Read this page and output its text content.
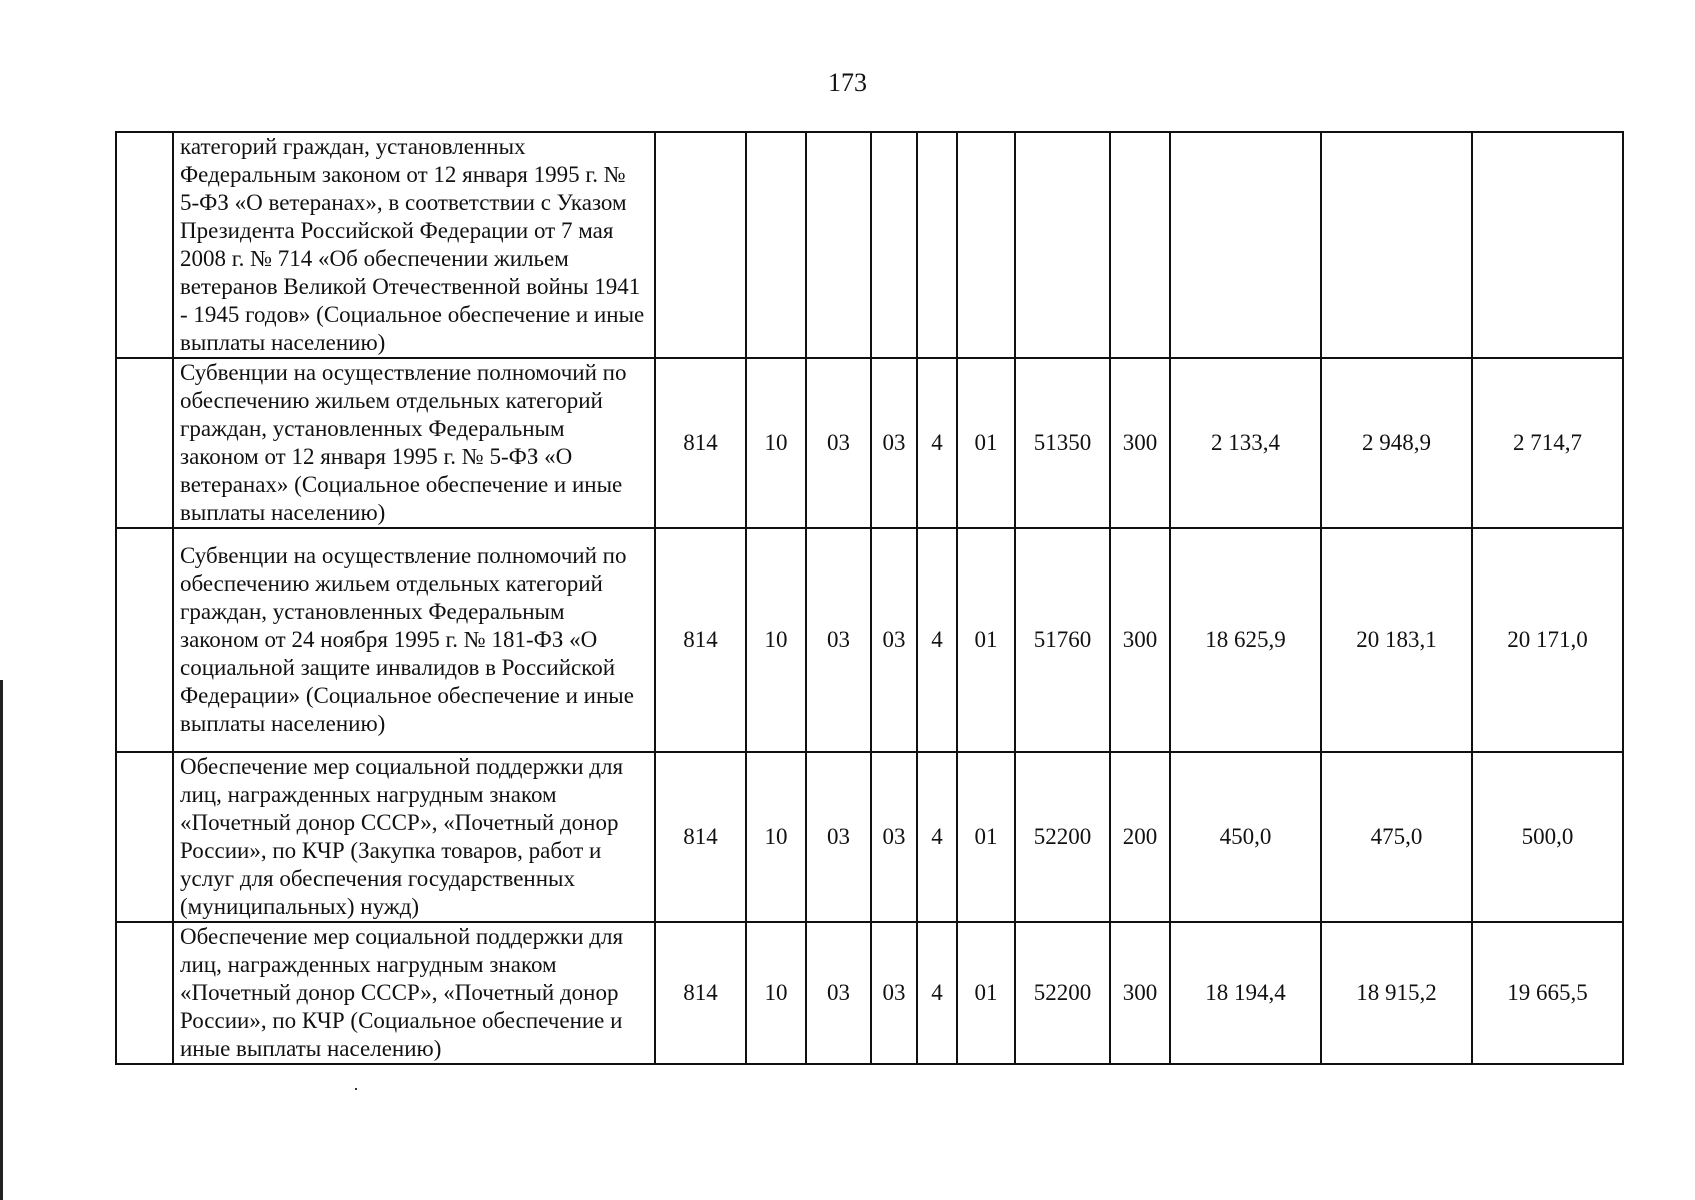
173
	категорий граждан, установленных Федеральным законом от 12 января 1995 г. № 5-ФЗ «О ветеранах», в соответствии с Указом Президента Российской Федерации от 7 мая 2008 г. № 714 «Об обеспечении жильем ветеранов Великой Отечественной войны 1941 - 1945 годов» (Социальное обеспечение и иные выплаты населению)											
	Субвенции на осуществление полномочий по обеспечению жильем отдельных категорий граждан, установленных Федеральным законом от 12 января 1995 г. № 5-ФЗ «О ветеранах» (Социальное обеспечение и иные выплаты населению)	814	10	03	03	4	01	51350	300	2 133,4	2 948,9	2 714,7
	Субвенции на осуществление полномочий по обеспечению жильем отдельных категорий граждан, установленных Федеральным законом от 24 ноября 1995 г. № 181-ФЗ «О социальной защите инвалидов в Российской Федерации» (Социальное обеспечение и иные выплаты населению)	814	10	03	03	4	01	51760	300	18 625,9	20 183,1	20 171,0
	Обеспечение мер социальной поддержки для лиц, награжденных нагрудным знаком «Почетный донор СССР», «Почетный донор России», по КЧР (Закупка товаров, работ и услуг для обеспечения государственных (муниципальных) нужд)	814	10	03	03	4	01	52200	200	450,0	475,0	500,0
	Обеспечение мер социальной поддержки для лиц, награжденных нагрудным знаком «Почетный донор СССР», «Почетный донор России», по КЧР (Социальное обеспечение и иные выплаты населению)	814	10	03	03	4	01	52200	300	18 194,4	18 915,2	19 665,5
